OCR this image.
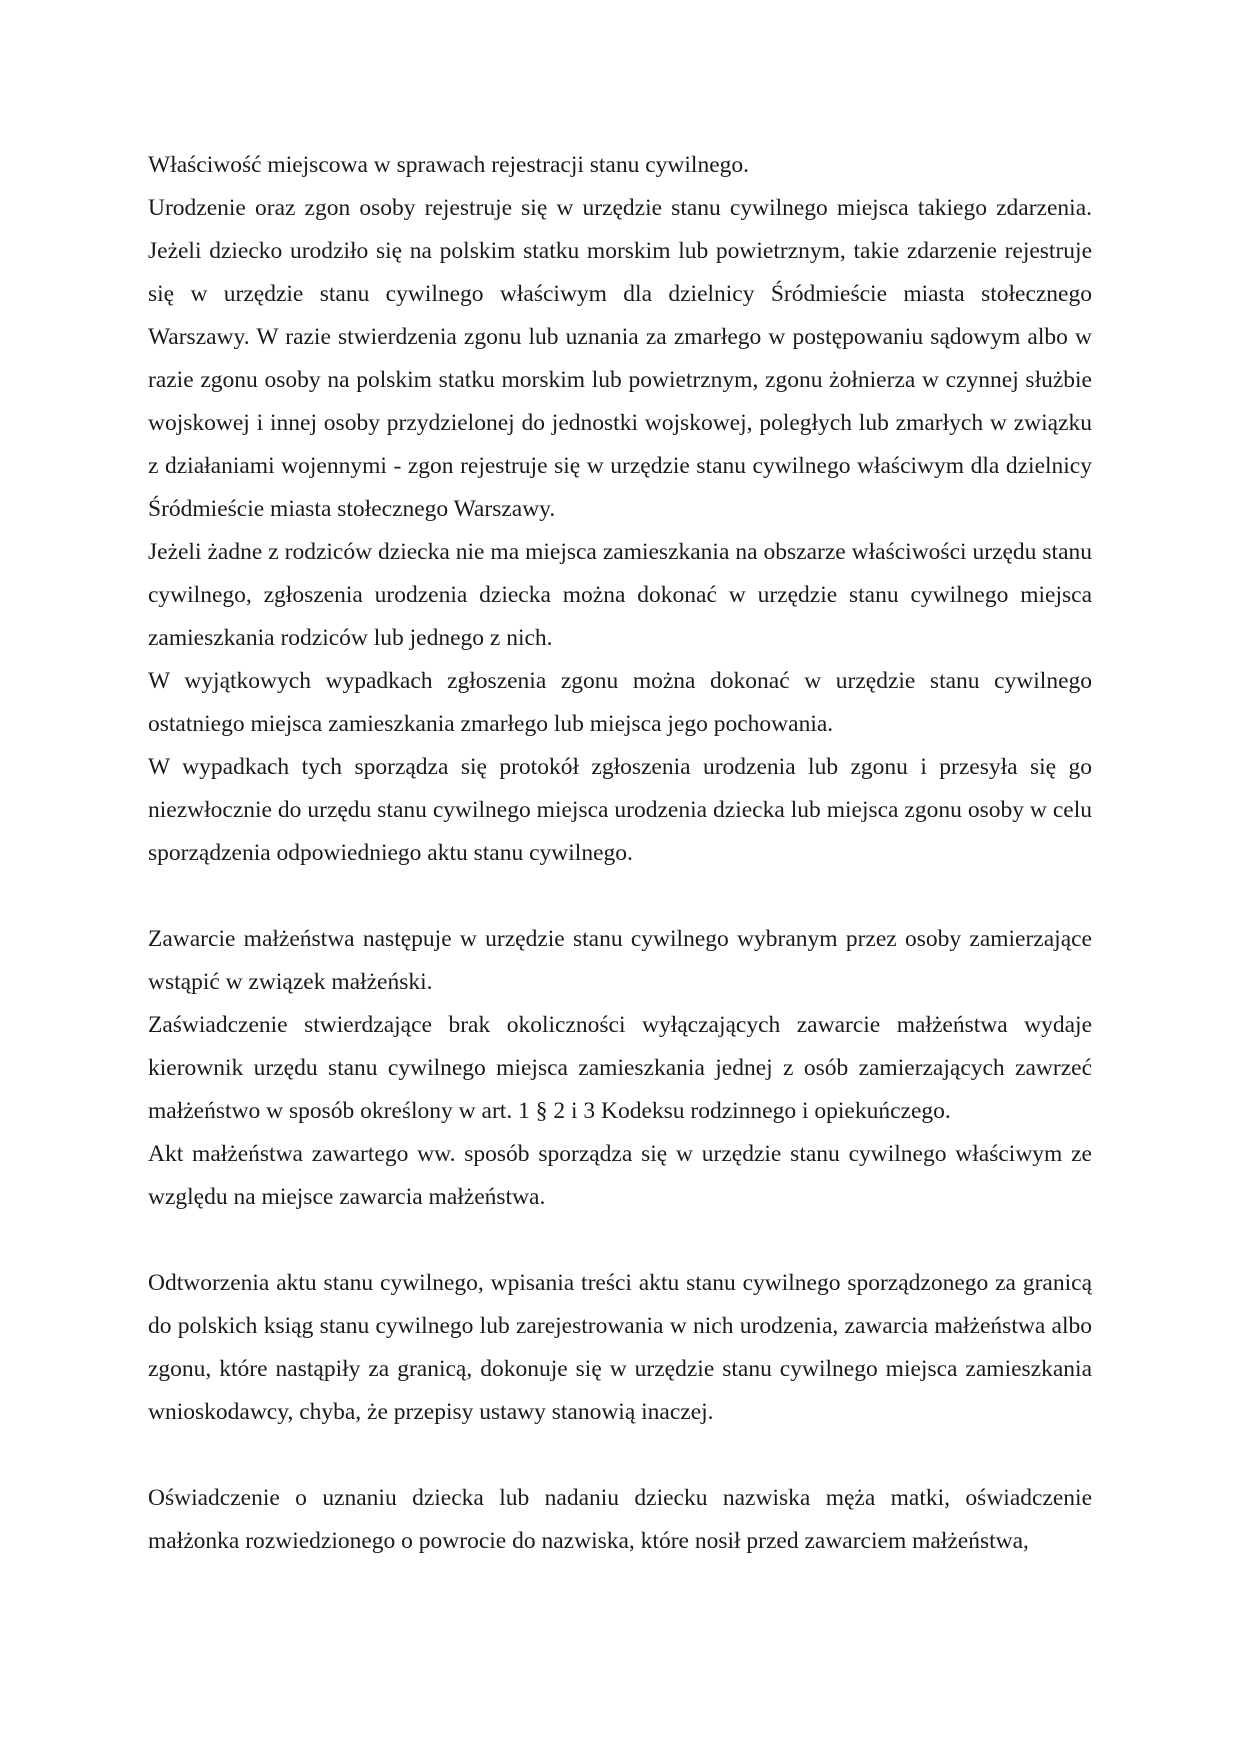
Właściwość miejscowa w sprawach rejestracji stanu cywilnego.

Urodzenie oraz zgon osoby rejestruje się w urzędzie stanu cywilnego miejsca takiego zdarzenia. Jeżeli dziecko urodziło się na polskim statku morskim lub powietrznym, takie zdarzenie rejestruje się w urzędzie stanu cywilnego właściwym dla dzielnicy Śródmieście miasta stołecznego Warszawy. W razie stwierdzenia zgonu lub uznania za zmarłego w postępowaniu sądowym albo w razie zgonu osoby na polskim statku morskim lub powietrznym, zgonu żołnierza w czynnej służbie wojskowej i innej osoby przydzielonej do jednostki wojskowej, poległych lub zmarłych w związku z działaniami wojennymi - zgon rejestruje się w urzędzie stanu cywilnego właściwym dla dzielnicy Śródmieście miasta stołecznego Warszawy.

Jeżeli żadne z rodziców dziecka nie ma miejsca zamieszkania na obszarze właściwości urzędu stanu cywilnego, zgłoszenia urodzenia dziecka można dokonać w urzędzie stanu cywilnego miejsca zamieszkania rodziców lub jednego z nich.

W wyjątkowych wypadkach zgłoszenia zgonu można dokonać w urzędzie stanu cywilnego ostatniego miejsca zamieszkania zmarłego lub miejsca jego pochowania.

W wypadkach tych sporządza się protokół zgłoszenia urodzenia lub zgonu i przesyła się go niezwłocznie do urzędu stanu cywilnego miejsca urodzenia dziecka lub miejsca zgonu osoby w celu sporządzenia odpowiedniego aktu stanu cywilnego.

Zawarcie małżeństwa następuje w urzędzie stanu cywilnego wybranym przez osoby zamierzające wstąpić w związek małżeński.

Zaświadczenie stwierdzające brak okoliczności wyłączających zawarcie małżeństwa wydaje kierownik urzędu stanu cywilnego miejsca zamieszkania jednej z osób zamierzających zawrzeć małżeństwo w sposób określony w art. 1 § 2 i 3 Kodeksu rodzinnego i opiekuńczego.

Akt małżeństwa zawartego ww. sposób sporządza się w urzędzie stanu cywilnego właściwym ze względu na miejsce zawarcia małżeństwa.

Odtworzenia aktu stanu cywilnego, wpisania treści aktu stanu cywilnego sporządzonego za granicą do polskich ksiąg stanu cywilnego lub zarejestrowania w nich urodzenia, zawarcia małżeństwa albo zgonu, które nastąpiły za granicą, dokonuje się w urzędzie stanu cywilnego miejsca zamieszkania wnioskodawcy, chyba, że przepisy ustawy stanowią inaczej.

Oświadczenie o uznaniu dziecka lub nadaniu dziecku nazwiska męża matki, oświadczenie małżonka rozwiedzionego o powrocie do nazwiska, które nosił przed zawarciem małżeństwa,
